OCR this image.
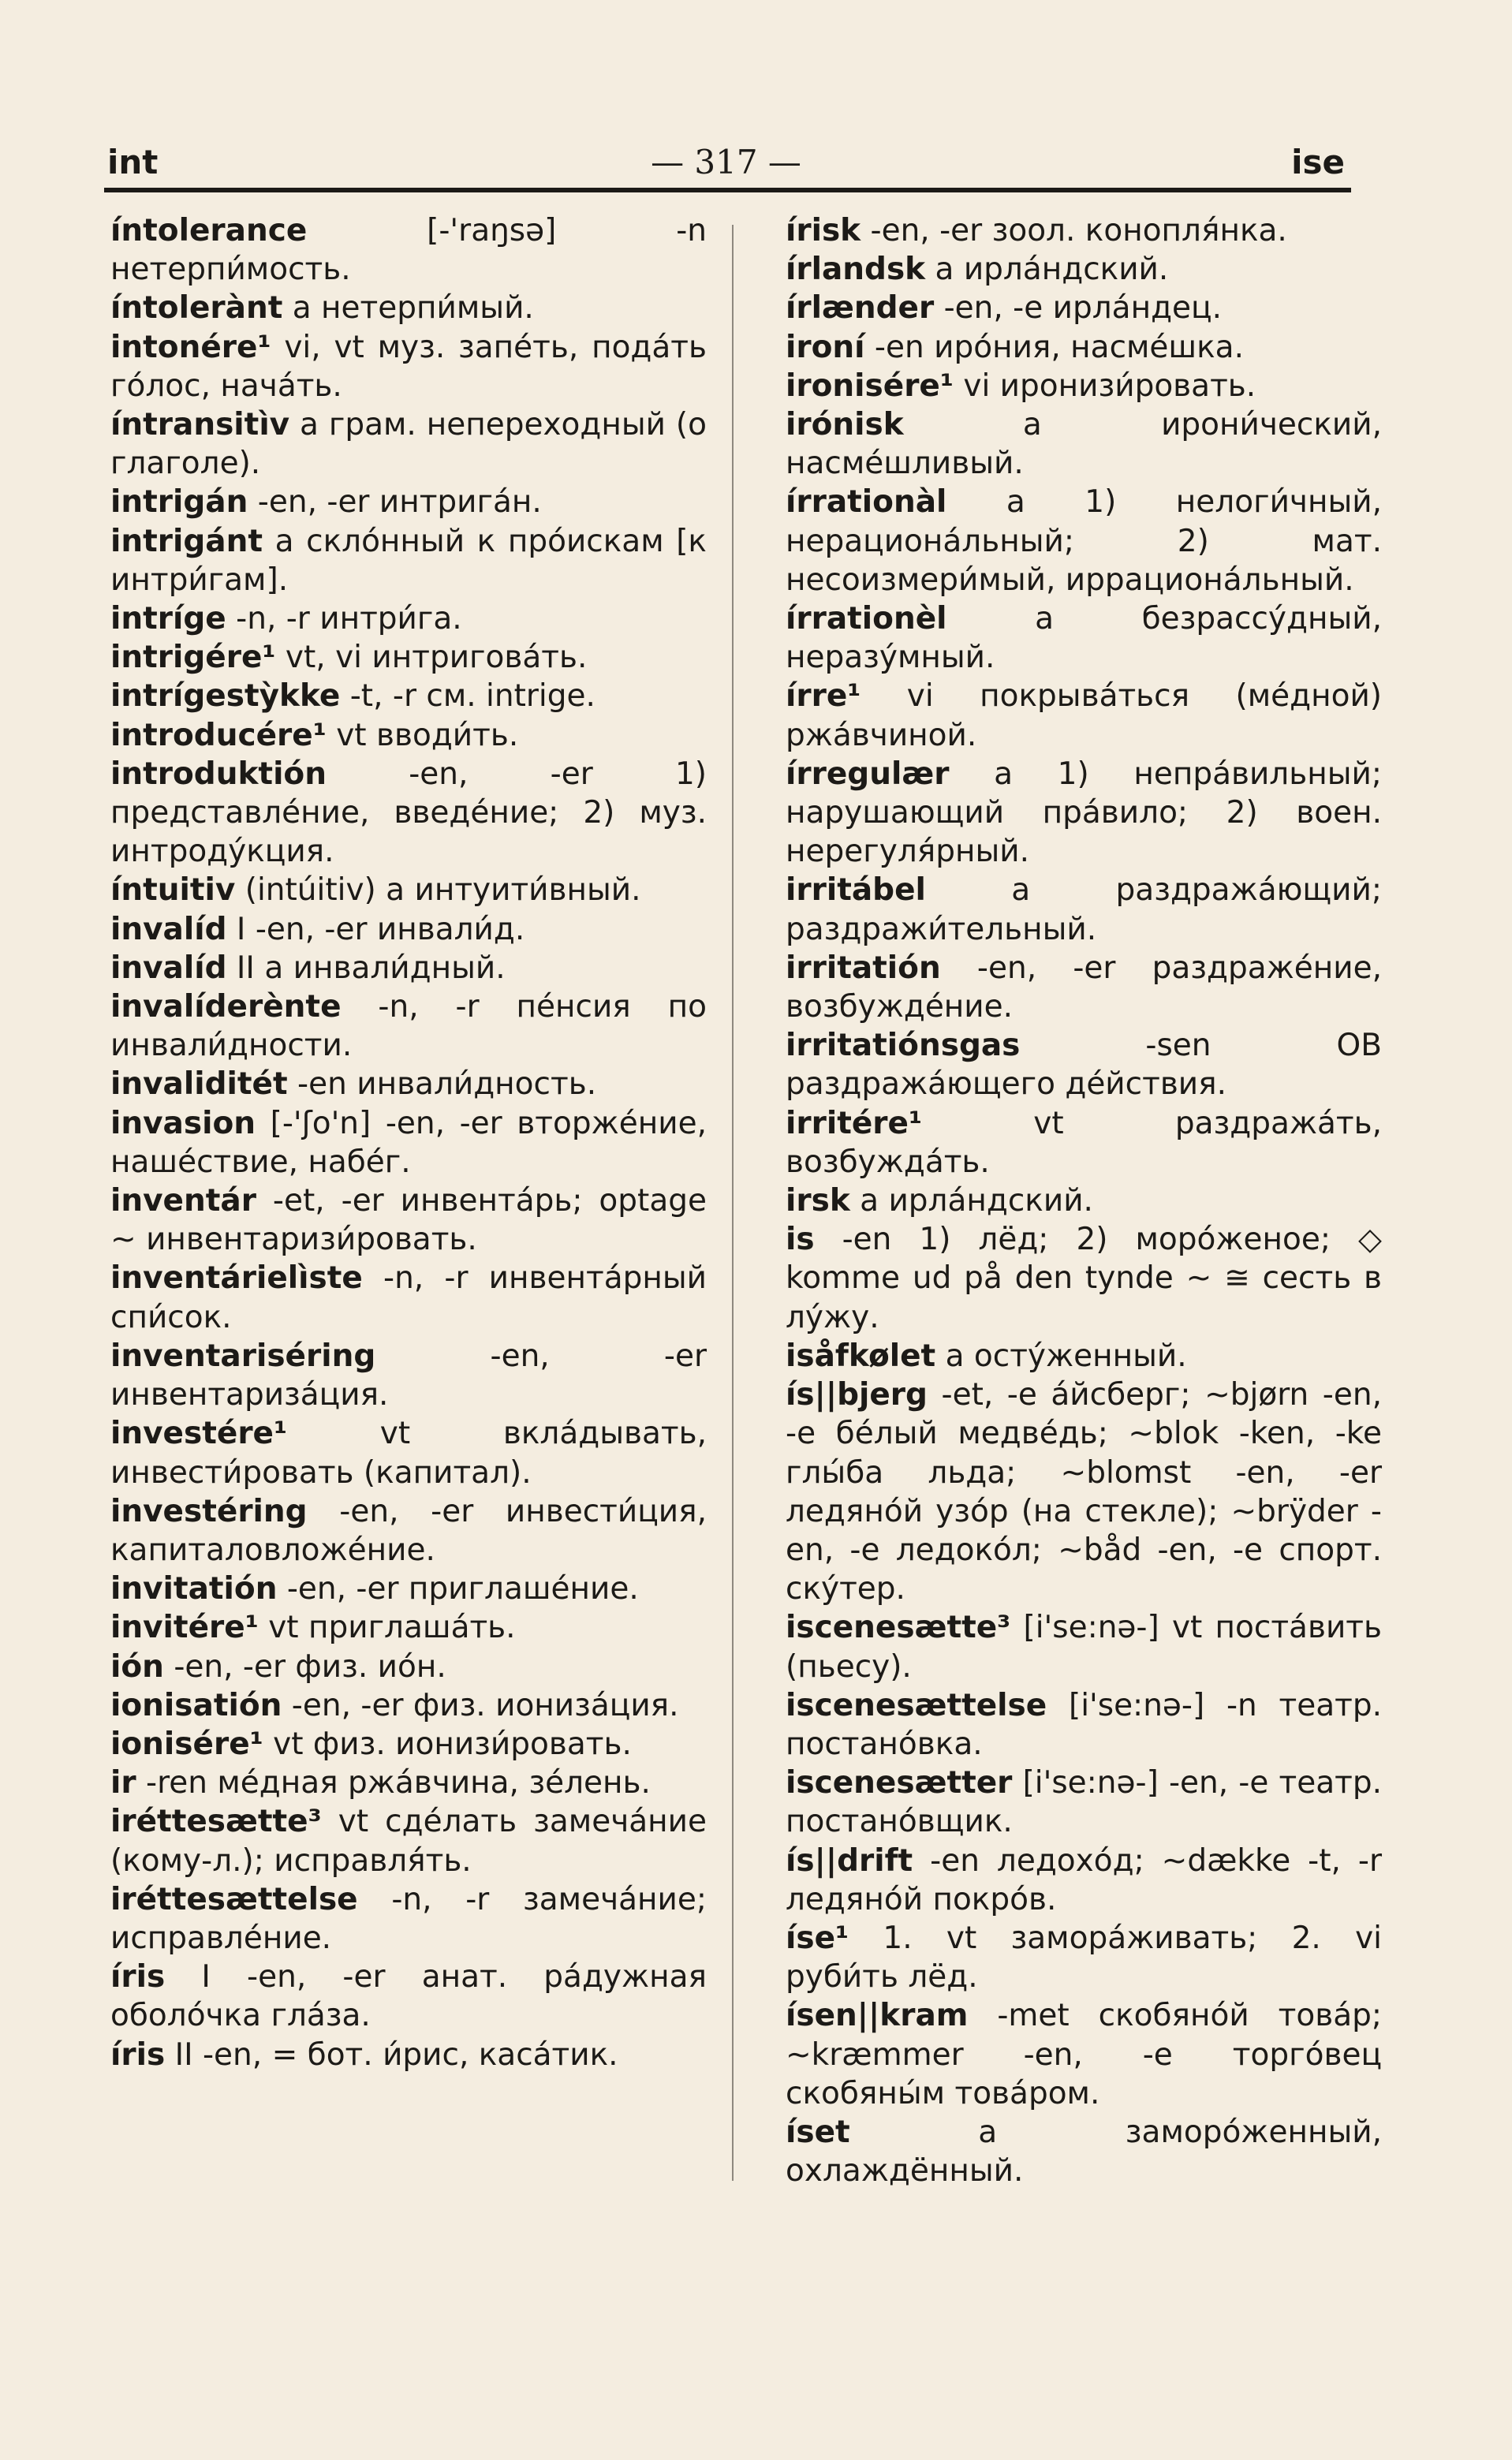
int	— 317 —	ise

íntolerance [-'raŋsə] -n нетерпи́мость.

íntolerànt a нетерпи́мый.

intonére¹ vi, vt муз. запе́ть, пода́ть го́лос, нача́ть.

íntransitìv a грам. непереходный (о глаголе).

intrigán -en, -er интрига́н.

intrigánt a скло́нный к про́искам [к интри́гам].

intríge -n, -r интри́га.

intrigére¹ vt, vi интригова́ть.

intrígestỳkke -t, -r см. intrige.

introducére¹ vt вводи́ть.

introduktión -en, -er 1) представле́ние, введе́ние; 2) муз. интроду́кция.

íntuitiv (intúitiv) a интуити́вный.

invalíd I -en, -er инвали́д.

invalíd II a инвали́дный.

invalíderènte -n, -r пе́нсия по инвали́дности.

invaliditét -en инвали́дность.

invasion [-'ʃo'n] -en, -er вторже́ние, наше́ствие, набе́г.

inventár -et, -er инвента́рь; optage ~ инвентаризи́ровать.

inventárielìste -n, -r инвента́рный спи́сок.

inventariséring -en, -er инвентариза́ция.

investére¹ vt вкла́дывать, инвести́ровать (капитал).

investéring -en, -er инвести́ция, капиталовложе́ние.

invitatión -en, -er приглаше́ние.

invitére¹ vt приглаша́ть.

ión -en, -er физ. ио́н.

ionisatión -en, -er физ. иониза́ция.

ionisére¹ vt физ. ионизи́ровать.

ir -ren ме́дная ржа́вчина, зе́лень.

iréttesætte³ vt сде́лать замеча́ние (кому-л.); исправля́ть.

iréttesættelse -n, -r замеча́ние; исправле́ние.

íris I -en, -er анат. ра́дужная оболо́чка гла́за.

íris II -en, = бот. и́рис, каса́тик.

írisk -en, -er зоол. конопля́нка.

írlandsk a ирла́ндский.

írlænder -en, -e ирла́ндец.

ironí -en иро́ния, насме́шка.

ironisére¹ vi иронизи́ровать.

irónisk a ирони́ческий, насме́шливый.

írrationàl a 1) нелоги́чный, нерациона́льный; 2) мат. несоизмери́мый, иррациона́льный.

írrationèl a безрассу́дный, неразу́мный.

írre¹ vi покрыва́ться (ме́дной) ржа́вчиной.

írregulær a 1) непра́вильный; нарушающий пра́вило; 2) воен. нерегуля́рный.

irritábel a раздража́ющий; раздражи́тельный.

irritatión -en, -er раздраже́ние, возбужде́ние.

irritatiónsgas -sen OB раздража́ющего де́йствия.

irritére¹ vt раздража́ть, возбужда́ть.

irsk a ирла́ндский.

is -en 1) лёд; 2) моро́женое; ◇ komme ud på den tynde ~ ≅ сесть в лу́жу.

isåfkølet a осту́женный.

ís||bjerg -et, -e а́йсберг; ~bjørn -en, -e бе́лый медве́дь; ~blok -ken, -ke глы́ба льда; ~blomst -en, -er ледяно́й узо́р (на стекле); ~brÿder -en, -e ледоко́л; ~båd -en, -e спорт. ску́тер.

iscenesætte³ [i'se:nə-] vt поста́вить (пьесу).

iscenesættelse [i'se:nə-] -n театр. постано́вка.

iscenesætter [i'se:nə-] -en, -e театр. постано́вщик.

ís||drift -en ледохо́д; ~dække -t, -r ледяно́й покро́в.

íse¹ 1. vt замора́живать; 2. vi руби́ть лёд.

ísen||kram -met скобяно́й това́р; ~kræmmer -en, -e торго́вец скобяны́м това́ром.

íset a заморо́женный, охлаждённый.
